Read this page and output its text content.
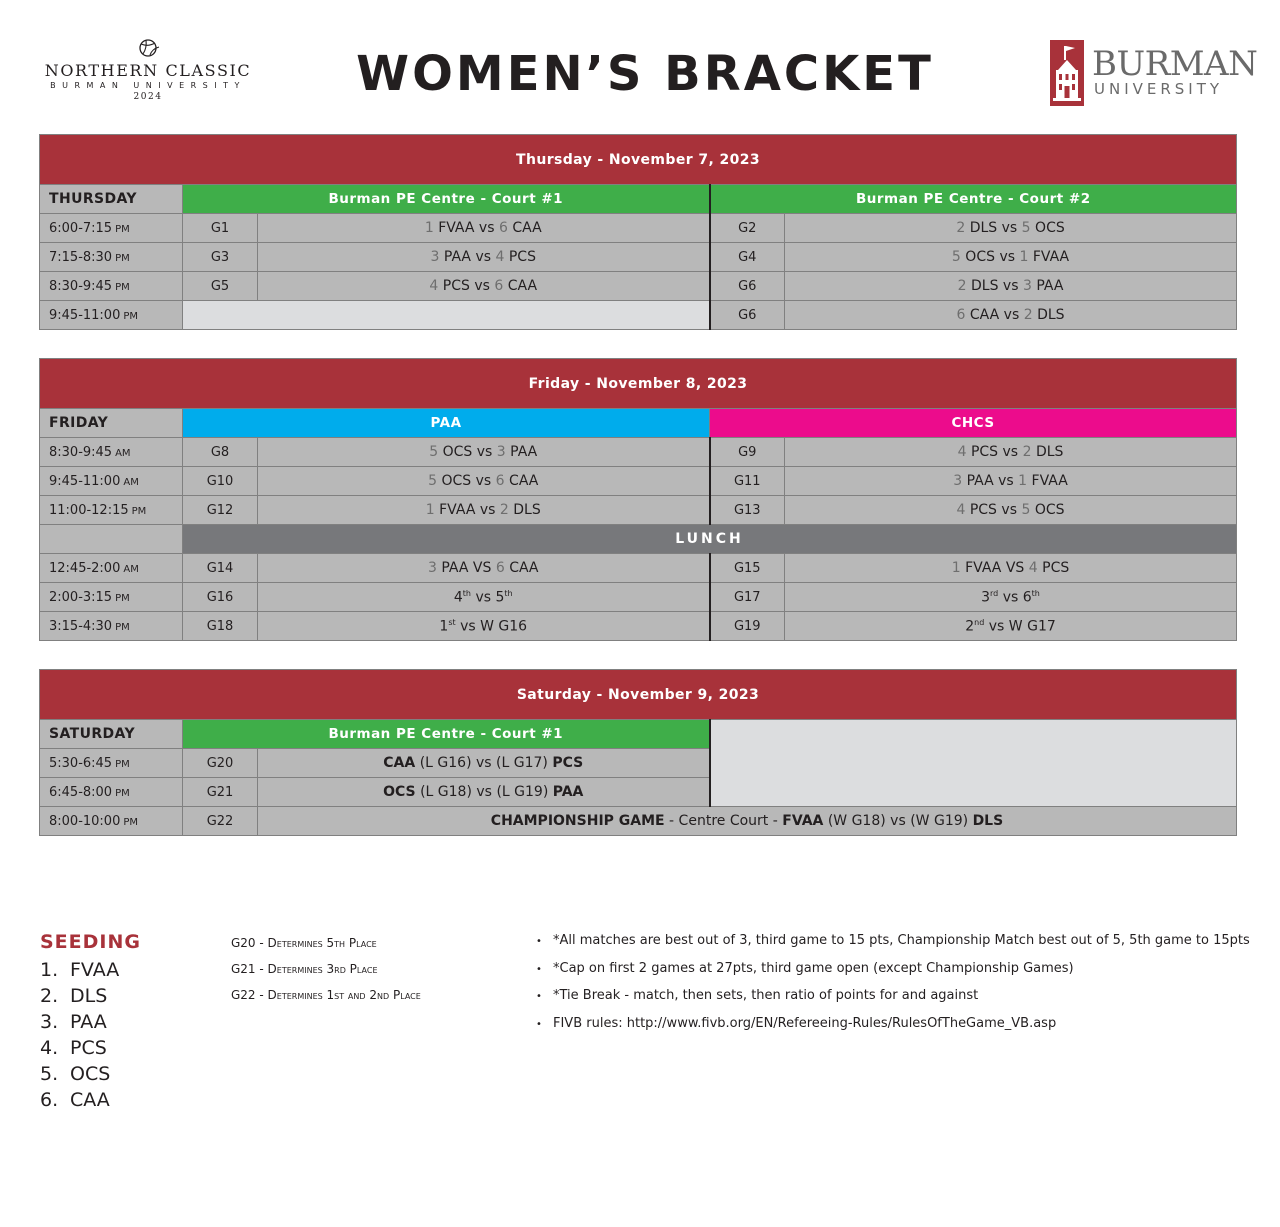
NORTHERN CLASSIC
BURMAN UNIVERSITY
2024	WOMEN’S BRACKET	BURMAN
UNIVERSITY
Thursday - November 7, 2023				
THURSDAY	Burman PE Centre - Court #1		Burman PE Centre - Court #2	
6:00-7:15 PM	G1	1 FVAA vs 6 CAA	G2	2 DLS vs 5 OCS
7:15-8:30 PM	G3	3 PAA vs 4 PCS	G4	5 OCS vs 1 FVAA
8:30-9:45 PM	G5	4 PCS vs 6 CAA	G6	2 DLS vs 3 PAA
9:45-11:00 PM			G6	6 CAA vs 2 DLS
Friday - November 8, 2023				
FRIDAY	PAA		CHCS	
8:30-9:45 AM	G8	5 OCS vs 3 PAA	G9	4 PCS vs 2 DLS
9:45-11:00 AM	G10	5 OCS vs 6 CAA	G11	3 PAA vs 1 FVAA
11:00-12:15 PM	G12	1 FVAA vs 2 DLS	G13	4 PCS vs 5 OCS
	LUNCH			
12:45-2:00 AM	G14	3 PAA VS 6 CAA	G15	1 FVAA VS 4 PCS
2:00-3:15 PM	G16	4th vs 5th	G17	3rd vs 6th
3:15-4:30 PM	G18	1st vs W G16	G19	2nd vs W G17
Saturday - November 9, 2023			
SATURDAY	Burman PE Centre - Court #1		
5:30-6:45 PM	G20	CAA (L G16) vs (L G17) PCS	
6:45-8:00 PM	G21	OCS (L G18) vs (L G19) PAA	
8:00-10:00 PM	G22	CHAMPIONSHIP GAME - Centre Court - FVAA (W G18) vs (W G19) DLS	
SEEDING
1. FVAA
2. DLS
3. PAA
4. PCS
5. OCS
6. CAA
G20 - Determines 5th Place
G21 - Determines 3rd Place
G22 - Determines 1st and 2nd Place
• *All matches are best out of 3, third game to 15 pts, Championship Match best out of 5, 5th game to 15pts
• *Cap on first 2 games at 27pts, third game open (except Championship Games)
• *Tie Break - match, then sets, then ratio of points for and against
• FIVB rules: http://www.fivb.org/EN/Refereeing-Rules/RulesOfTheGame_VB.asp
